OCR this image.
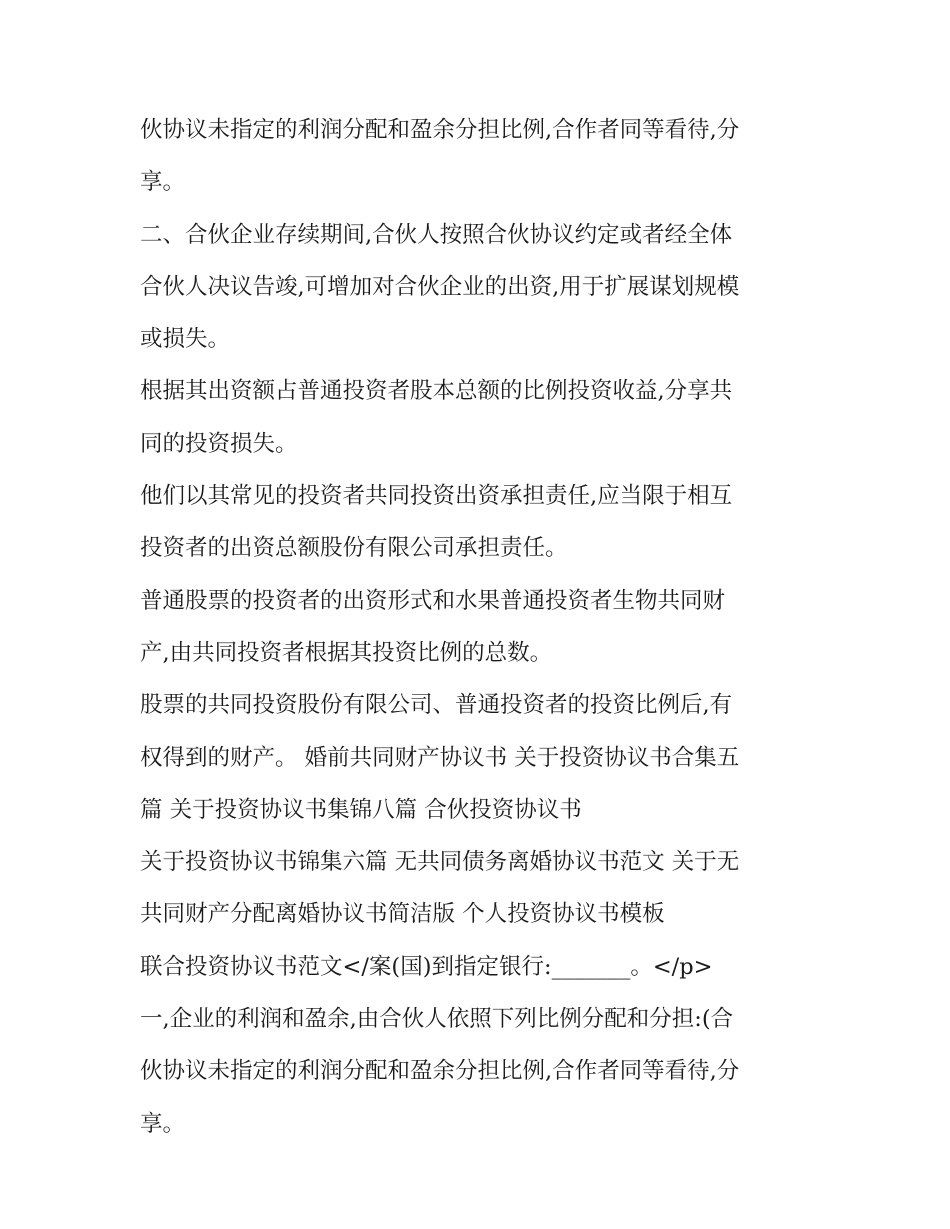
伙协议未指定的利润分配和盈余分担比例,合作者同等看待,分
享。
二、合伙企业存续期间,合伙人按照合伙协议约定或者经全体
合伙人决议告竣,可增加对合伙企业的出资,用于扩展谋划规模
或损失。
根据其出资额占普通投资者股本总额的比例投资收益,分享共
同的投资损失。
他们以其常见的投资者共同投资出资承担责任,应当限于相互
投资者的出资总额股份有限公司承担责任。
普通股票的投资者的出资形式和水果普通投资者生物共同财
产,由共同投资者根据其投资比例的总数。
股票的共同投资股份有限公司、普通投资者的投资比例后,有
权得到的财产。 婚前共同财产协议书 关于投资协议书合集五
篇 关于投资协议书集锦八篇 合伙投资协议书
关于投资协议书锦集六篇 无共同债务离婚协议书范文 关于无
共同财产分配离婚协议书简洁版 个人投资协议书模板
联合投资协议书范文</案(国)到指定银行:_______。</p>
一,企业的利润和盈余,由合伙人依照下列比例分配和分担:(合
伙协议未指定的利润分配和盈余分担比例,合作者同等看待,分
享。
